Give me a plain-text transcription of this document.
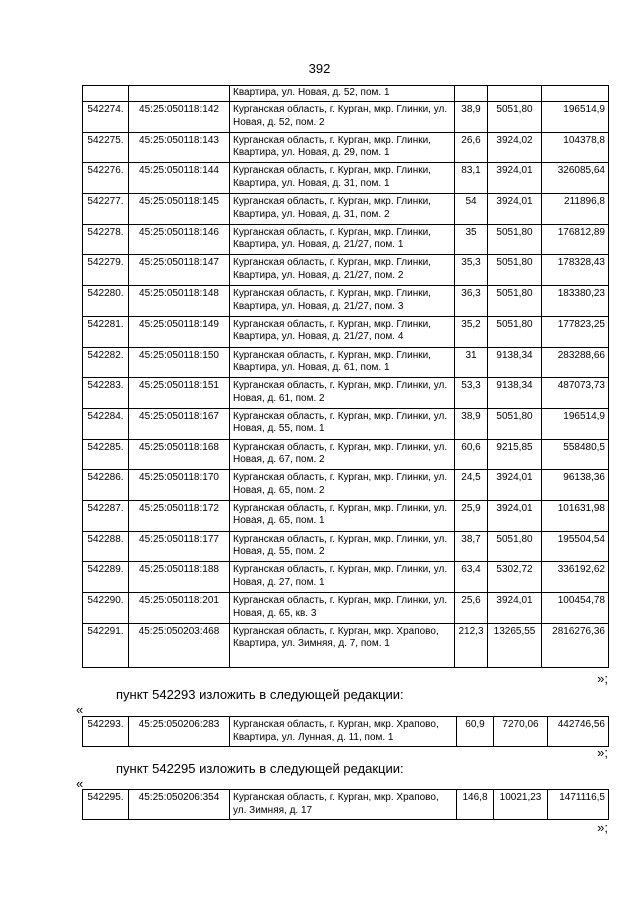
392
		Квартира, ул. Новая, д. 52, пом. 1			
542274.	45:25:050118:142	Курганская область, г. Курган, мкр. Глинки, ул. Новая, д. 52, пом. 2	38,9	5051,80	196514,9
542275.	45:25:050118:143	Курганская область, г. Курган, мкр. Глинки, Квартира, ул. Новая, д. 29, пом. 1	26,6	3924,02	104378,8
542276.	45:25:050118:144	Курганская область, г. Курган, мкр. Глинки, Квартира, ул. Новая, д. 31, пом. 1	83,1	3924,01	326085,64
542277.	45:25:050118:145	Курганская область, г. Курган, мкр. Глинки, Квартира, ул. Новая, д. 31, пом. 2	54	3924,01	211896,8
542278.	45:25:050118:146	Курганская область, г. Курган, мкр. Глинки, Квартира, ул. Новая, д. 21/27, пом. 1	35	5051,80	176812,89
542279.	45:25:050118:147	Курганская область, г. Курган, мкр. Глинки, Квартира, ул. Новая, д. 21/27, пом. 2	35,3	5051,80	178328,43
542280.	45:25:050118:148	Курганская область, г. Курган, мкр. Глинки, Квартира, ул. Новая, д. 21/27, пом. 3	36,3	5051,80	183380,23
542281.	45:25:050118:149	Курганская область, г. Курган, мкр. Глинки, Квартира, ул. Новая, д. 21/27, пом. 4	35,2	5051,80	177823,25
542282.	45:25:050118:150	Курганская область, г. Курган, мкр. Глинки, Квартира, ул. Новая, д. 61, пом. 1	31	9138,34	283288,66
542283.	45:25:050118:151	Курганская область, г. Курган, мкр. Глинки, ул. Новая, д. 61, пом. 2	53,3	9138,34	487073,73
542284.	45:25:050118:167	Курганская область, г. Курган, мкр. Глинки, ул. Новая, д. 55, пом. 1	38,9	5051,80	196514,9
542285.	45:25:050118:168	Курганская область, г. Курган, мкр. Глинки, ул. Новая, д. 67, пом. 2	60,6	9215,85	558480,5
542286.	45:25:050118:170	Курганская область, г. Курган, мкр. Глинки, ул. Новая, д. 65, пом. 2	24,5	3924,01	96138,36
542287.	45:25:050118:172	Курганская область, г. Курган, мкр. Глинки, ул. Новая, д. 65, пом. 1	25,9	3924,01	101631,98
542288.	45:25:050118:177	Курганская область, г. Курган, мкр. Глинки, ул. Новая, д. 55, пом. 2	38,7	5051,80	195504,54
542289.	45:25:050118:188	Курганская область, г. Курган, мкр. Глинки, ул. Новая, д. 27, пом. 1	63,4	5302,72	336192,62
542290.	45:25:050118:201	Курганская область, г. Курган, мкр. Глинки, ул. Новая, д. 65, кв. 3	25,6	3924,01	100454,78
542291.	45:25:050203:468	Курганская область, г. Курган, мкр. Храпово, Квартира, ул. Зимняя, д. 7, пом. 1	212,3	13265,55	2816276,36
»;
пункт 542293 изложить в следующей редакции:
«
542293.	45:25:050206:283	Курганская область, г. Курган, мкр. Храпово, Квартира, ул. Лунная, д. 11, пом. 1	60,9	7270,06	442746,56
»;
пункт 542295 изложить в следующей редакции:
«
542295.	45:25:050206:354	Курганская область, г. Курган, мкр. Храпово, ул. Зимняя, д. 17	146,8	10021,23	1471116,5
»;
